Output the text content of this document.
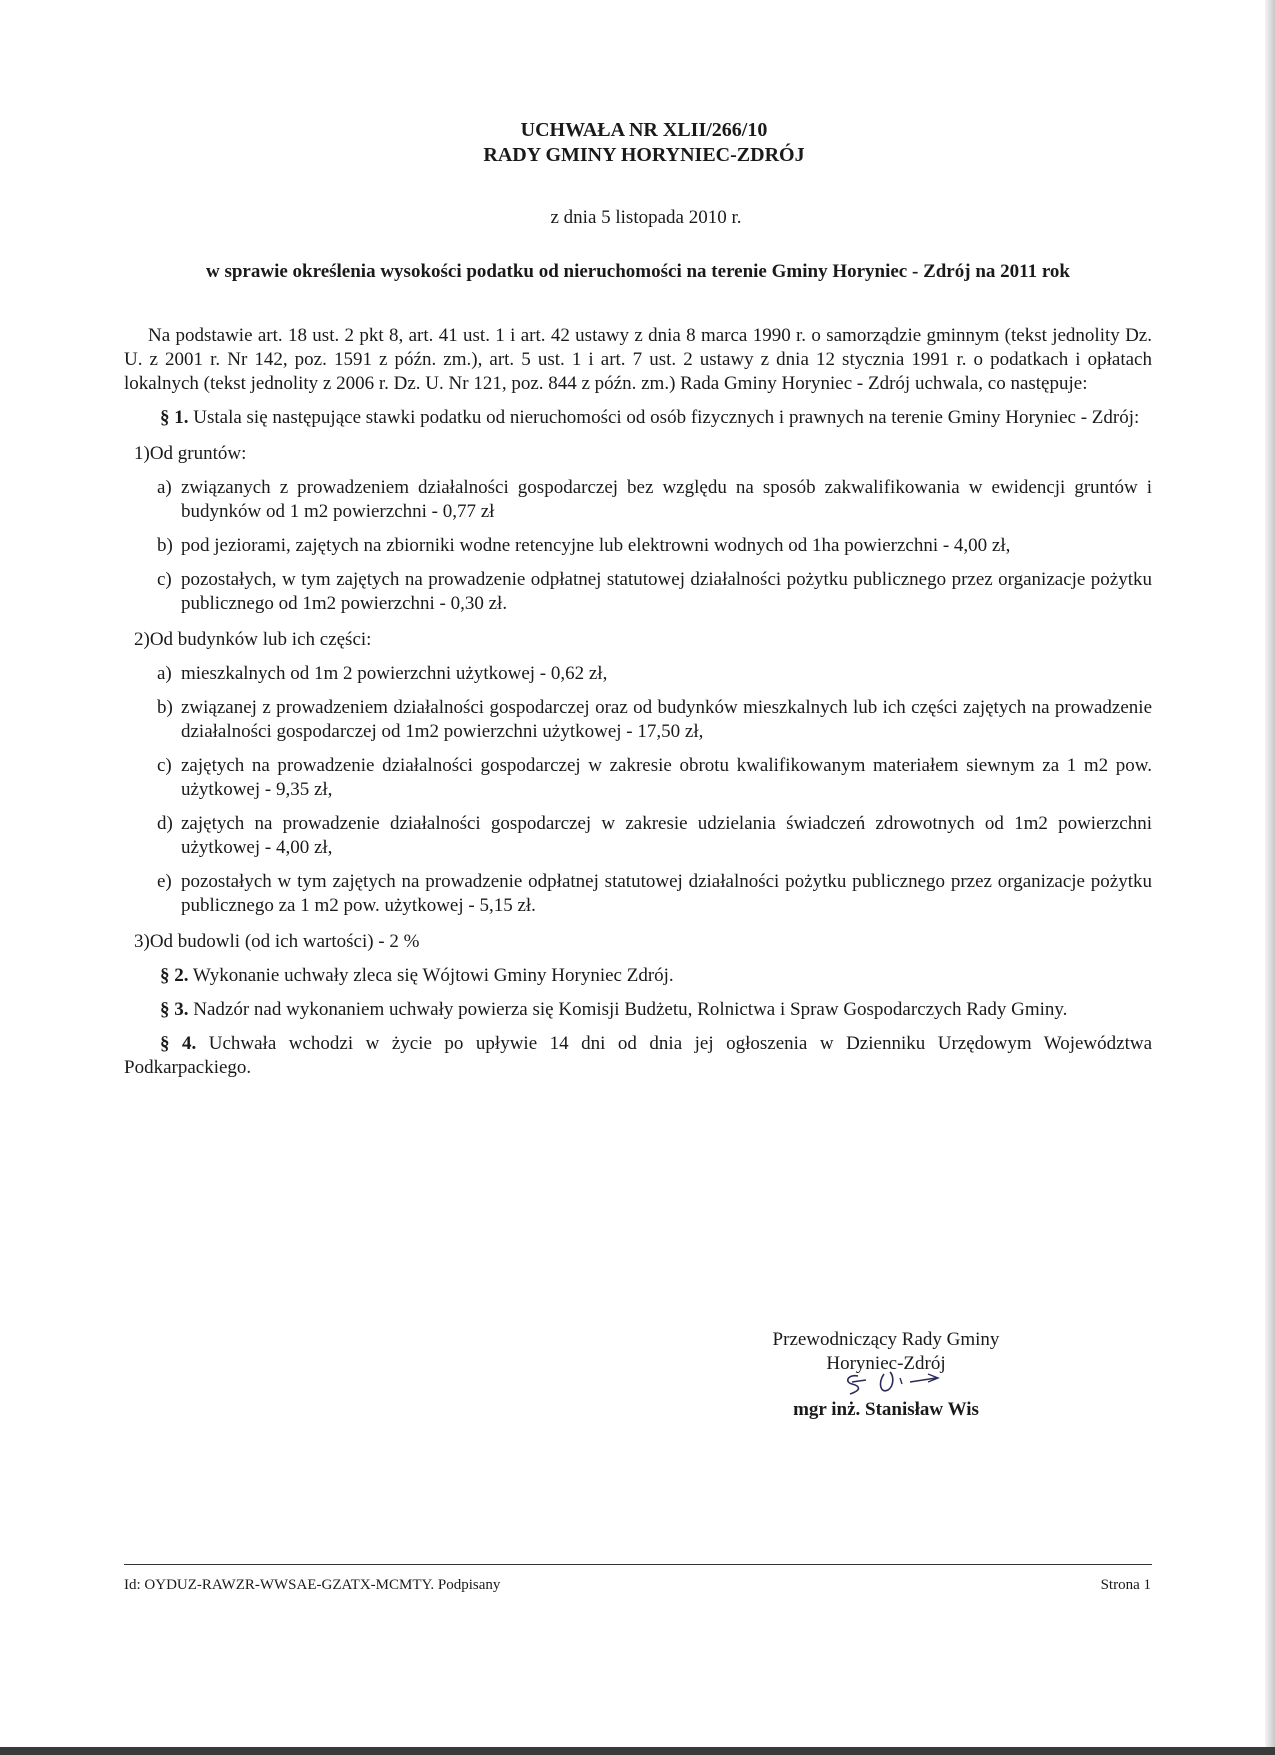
UCHWAŁA NR XLII/266/10
RADY GMINY HORYNIEC-ZDRÓJ
z dnia 5 listopada 2010 r.
w sprawie określenia wysokości podatku od nieruchomości na terenie Gminy Horyniec - Zdrój na 2011 rok
Na podstawie art. 18 ust. 2 pkt 8, art. 41 ust. 1 i art. 42 ustawy z dnia 8 marca 1990 r. o samorządzie gminnym (tekst jednolity Dz. U. z 2001 r. Nr 142, poz. 1591 z późn. zm.), art. 5 ust. 1 i art. 7 ust. 2 ustawy z dnia 12 stycznia 1991 r. o podatkach i opłatach lokalnych (tekst jednolity z 2006 r. Dz. U. Nr 121, poz. 844 z późn. zm.) Rada Gminy Horyniec - Zdrój uchwala, co następuje:
§ 1. Ustala się następujące stawki podatku od nieruchomości od osób fizycznych i prawnych na terenie Gminy Horyniec - Zdrój:
1)Od gruntów:
a) związanych z prowadzeniem działalności gospodarczej bez względu na sposób zakwalifikowania w ewidencji gruntów i budynków od 1 m2 powierzchni - 0,77 zł
b) pod jeziorami, zajętych na zbiorniki wodne retencyjne lub elektrowni wodnych od 1ha powierzchni - 4,00 zł,
c) pozostałych, w tym zajętych na prowadzenie odpłatnej statutowej działalności pożytku publicznego przez organizacje pożytku publicznego od 1m2 powierzchni - 0,30 zł.
2)Od budynków lub ich części:
a) mieszkalnych od 1m 2 powierzchni użytkowej - 0,62 zł,
b) związanej z prowadzeniem działalności gospodarczej oraz od budynków mieszkalnych lub ich części zajętych na prowadzenie działalności gospodarczej od 1m2 powierzchni użytkowej - 17,50 zł,
c) zajętych na prowadzenie działalności gospodarczej w zakresie obrotu kwalifikowanym materiałem siewnym za 1 m2 pow. użytkowej - 9,35 zł,
d) zajętych na prowadzenie działalności gospodarczej w zakresie udzielania świadczeń zdrowotnych od 1m2 powierzchni użytkowej - 4,00 zł,
e) pozostałych w tym zajętych na prowadzenie odpłatnej statutowej działalności pożytku publicznego przez organizacje pożytku publicznego za 1 m2 pow. użytkowej - 5,15 zł.
3)Od budowli (od ich wartości) - 2 %
§ 2. Wykonanie uchwały zleca się Wójtowi Gminy Horyniec Zdrój.
§ 3. Nadzór nad wykonaniem uchwały powierza się Komisji Budżetu, Rolnictwa i Spraw Gospodarczych Rady Gminy.
§ 4. Uchwała wchodzi w życie po upływie 14 dni od dnia jej ogłoszenia w Dzienniku Urzędowym Województwa Podkarpackiego.
Przewodniczący Rady Gminy
Horyniec-Zdrój
mgr inż. Stanisław Wis
Id: OYDUZ-RAWZR-WWSAE-GZATX-MCMTY. Podpisany	Strona 1
